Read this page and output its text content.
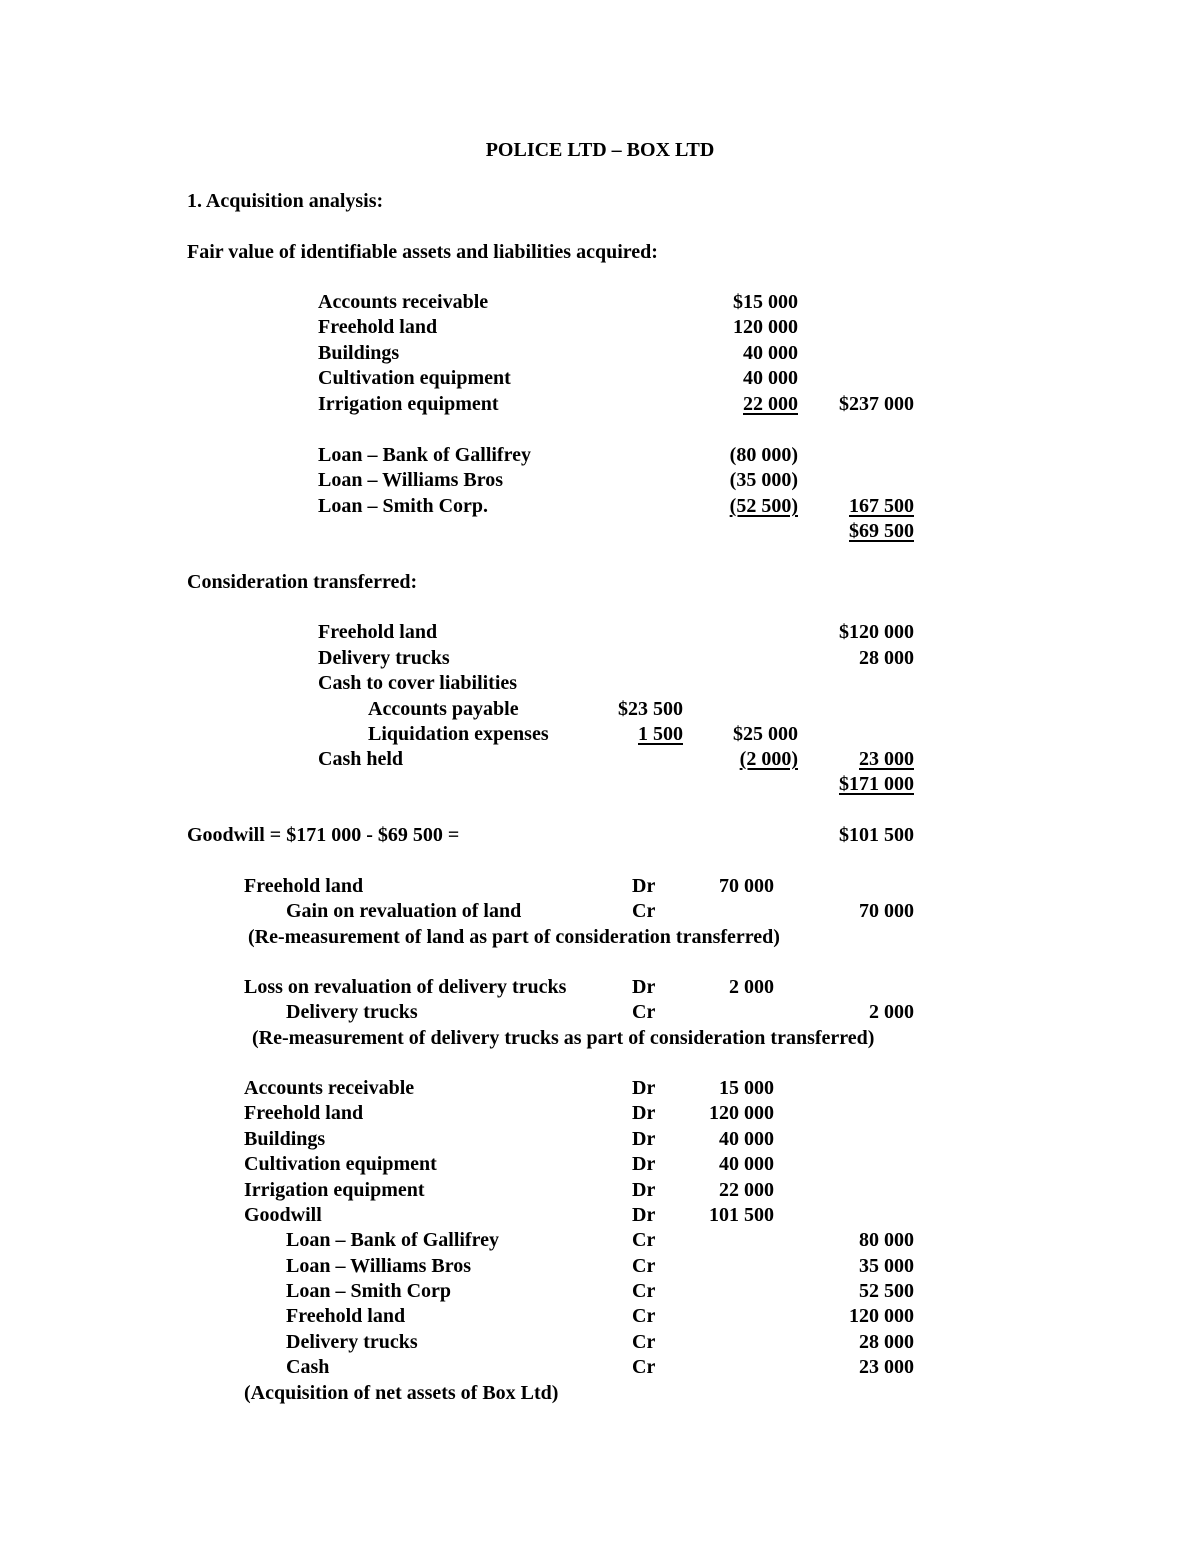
POLICE LTD – BOX LTD
1. Acquisition analysis:
Fair value of identifiable assets and liabilities acquired:
Accounts receivable	$15 000
Freehold land	120 000
Buildings	40 000
Cultivation equipment	40 000
Irrigation equipment	22 000	$237 000
Loan – Bank of Gallifrey	(80 000)
Loan – Williams Bros	(35 000)
Loan – Smith Corp.	(52 500)	167 500
$69 500
Consideration transferred:
Freehold land	$120 000
Delivery trucks	28 000
Cash to cover liabilities
Accounts payable	$23 500
Liquidation expenses	1 500	$25 000
Cash held	(2 000)	23 000
$171 000
Goodwill = $171 000 - $69 500 =	$101 500
Freehold land	Dr	70 000
Gain on revaluation of land	Cr	70 000
(Re-measurement of land as part of consideration transferred)
Loss on revaluation of delivery trucks	Dr	2 000
Delivery trucks	Cr	2 000
(Re-measurement of delivery trucks as part of consideration transferred)
Accounts receivable	Dr	15 000
Freehold land	Dr	120 000
Buildings	Dr	40 000
Cultivation equipment	Dr	40 000
Irrigation equipment	Dr	22 000
Goodwill	Dr	101 500
Loan – Bank of Gallifrey	Cr	80 000
Loan – Williams Bros	Cr	35 000
Loan – Smith Corp	Cr	52 500
Freehold land	Cr	120 000
Delivery trucks	Cr	28 000
Cash	Cr	23 000
(Acquisition of net assets of Box Ltd)
